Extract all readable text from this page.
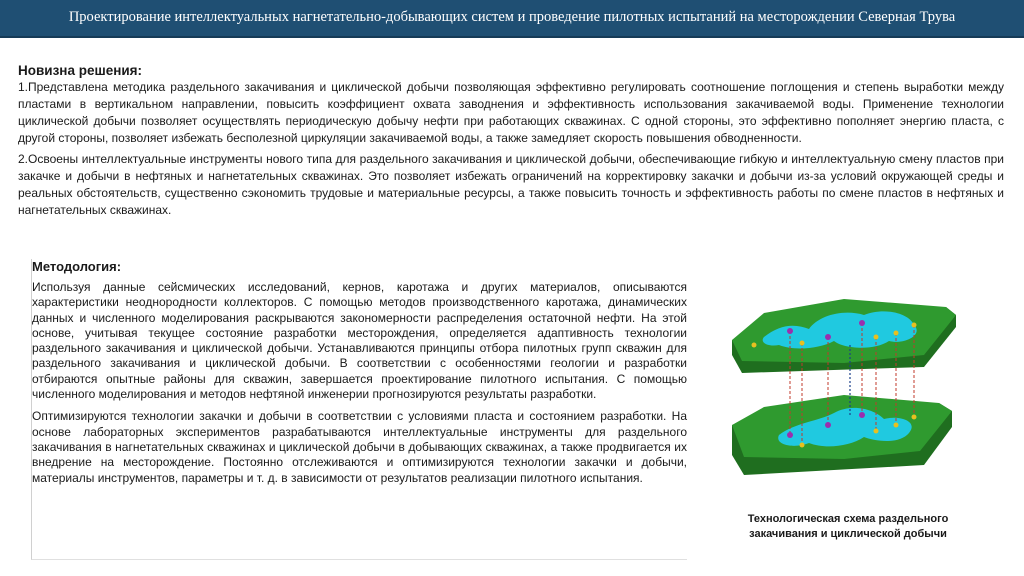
Проектирование интеллектуальных нагнетательно-добывающих систем и проведение пилотных испытаний на месторождении Северная Трува
Новизна решения:

1.Представлена методика раздельного закачивания и циклической добычи позволяющая эффективно регулировать соотношение поглощения и степень выработки между пластами в вертикальном направлении, повысить коэффициент охвата заводнения и эффективность использования закачиваемой воды. Применение технологии циклической добычи позволяет осуществлять периодическую добычу нефти при работающих скважинах. С одной стороны, это эффективно пополняет энергию пласта, с другой стороны, позволяет избежать бесполезной циркуляции закачиваемой воды, а также замедляет скорость повышения обводненности.

2.Освоены интеллектуальные инструменты нового типа для раздельного закачивания и циклической добычи, обеспечивающие гибкую и интеллектуальную смену пластов при закачке и добычи в нефтяных и нагнетательных скважинах. Это позволяет избежать ограничений на корректировку закачки и добычи из-за условий окружающей среды и реальных обстоятельств, существенно сэкономить трудовые и материальные ресурсы, а также повысить точность и эффективность работы по смене пластов в нефтяных и нагнетательных скважинах.

Методология:

Используя данные сейсмических исследований, кернов, каротажа и других материалов, описываются характеристики неоднородности коллекторов. С помощью методов производственного каротажа, динамических данных и численного моделирования раскрываются закономерности распределения остаточной нефти. На этой основе, учитывая текущее состояние разработки месторождения, определяется адаптивность технологии раздельного закачивания и циклической добычи. Устанавливаются принципы отбора пилотных групп скважин для раздельного закачивания и циклической добычи. В соответствии с особенностями геологии и разработки отбираются опытные районы для скважин, завершается проектирование пилотного испытания. С помощью численного моделирования и методов нефтяной инженерии прогнозируются результаты разработки.

Оптимизируются технологии закачки и добычи в соответствии с условиями пласта и состоянием разработки. На основе лабораторных экспериментов разрабатываются интеллектуальные инструменты для раздельного закачивания в нагнетательных скважинах и циклической добычи в добывающих скважинах, а также продвигается их внедрение на месторождение. Постоянно отслеживаются и оптимизируются технологии закачки и добычи, материалы инструментов, параметры и т. д. в зависимости от результатов реализации пилотного испытания.

Технологическая схема раздельного закачивания и циклической добычи
